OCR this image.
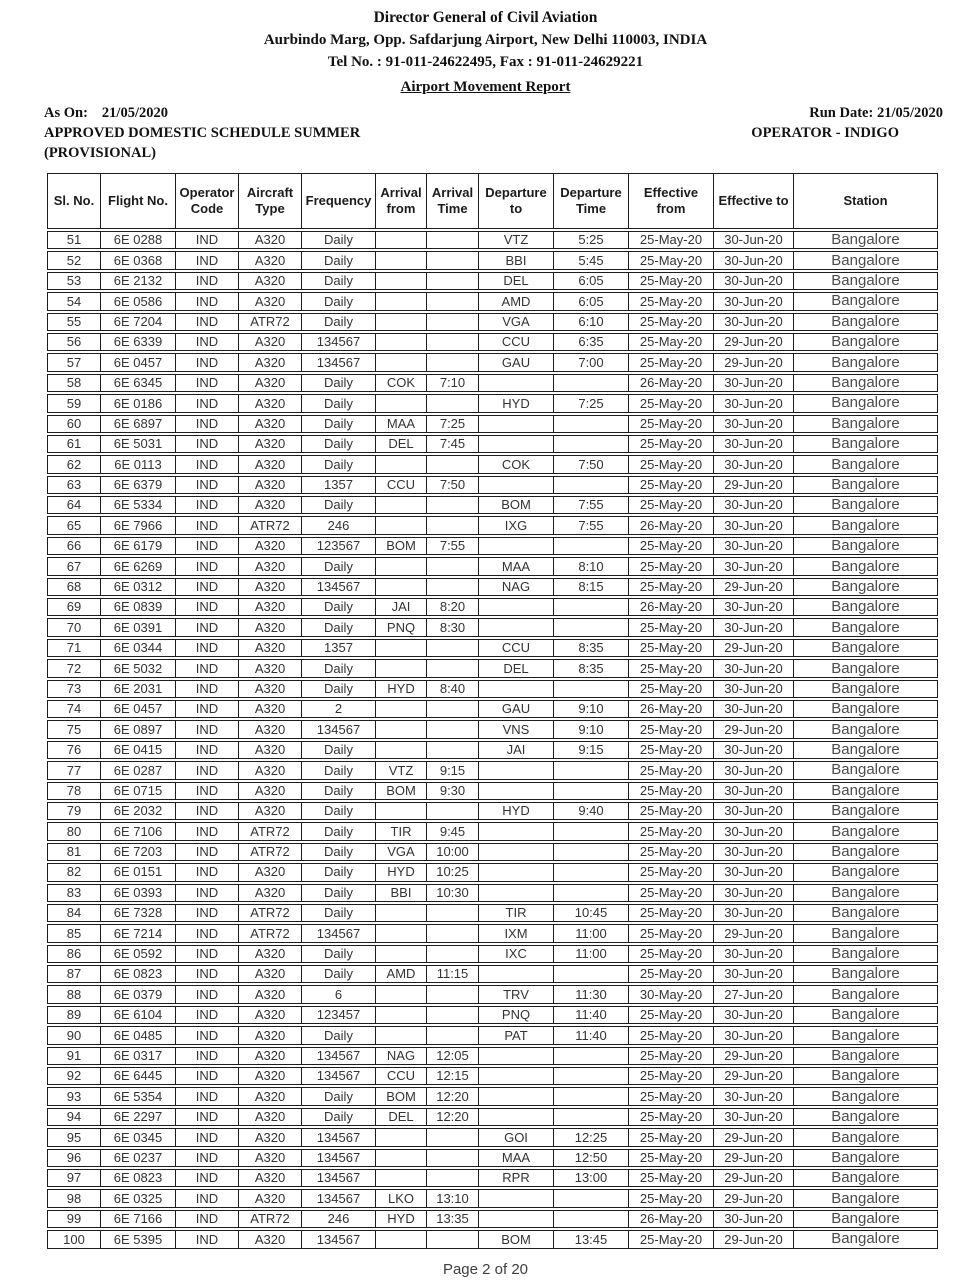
Director General of Civil Aviation
Aurbindo Marg, Opp. Safdarjung Airport, New Delhi 110003, INDIA
Tel No. : 91-011-24622495, Fax : 91-011-24629221
Airport Movement Report
As On: 21/05/2020	Run Date: 21/05/2020
APPROVED DOMESTIC SCHEDULE SUMMER	OPERATOR - INDIGO
(PROVISIONAL)
Sl. No.	Flight No.	Operator Code	Aircraft Type	Frequency	Arrival from	Arrival Time	Departure to	Departure Time	Effective from	Effective to	Station
51	6E 0288	IND	A320	Daily			VTZ	5:25	25-May-20	30-Jun-20	Bangalore
52	6E 0368	IND	A320	Daily			BBI	5:45	25-May-20	30-Jun-20	Bangalore
53	6E 2132	IND	A320	Daily			DEL	6:05	25-May-20	30-Jun-20	Bangalore
54	6E 0586	IND	A320	Daily			AMD	6:05	25-May-20	30-Jun-20	Bangalore
55	6E 7204	IND	ATR72	Daily			VGA	6:10	25-May-20	30-Jun-20	Bangalore
56	6E 6339	IND	A320	134567			CCU	6:35	25-May-20	29-Jun-20	Bangalore
57	6E 0457	IND	A320	134567			GAU	7:00	25-May-20	29-Jun-20	Bangalore
58	6E 6345	IND	A320	Daily	COK	7:10			26-May-20	30-Jun-20	Bangalore
59	6E 0186	IND	A320	Daily			HYD	7:25	25-May-20	30-Jun-20	Bangalore
60	6E 6897	IND	A320	Daily	MAA	7:25			25-May-20	30-Jun-20	Bangalore
61	6E 5031	IND	A320	Daily	DEL	7:45			25-May-20	30-Jun-20	Bangalore
62	6E 0113	IND	A320	Daily			COK	7:50	25-May-20	30-Jun-20	Bangalore
63	6E 6379	IND	A320	1357	CCU	7:50			25-May-20	29-Jun-20	Bangalore
64	6E 5334	IND	A320	Daily			BOM	7:55	25-May-20	30-Jun-20	Bangalore
65	6E 7966	IND	ATR72	246			IXG	7:55	26-May-20	30-Jun-20	Bangalore
66	6E 6179	IND	A320	123567	BOM	7:55			25-May-20	30-Jun-20	Bangalore
67	6E 6269	IND	A320	Daily			MAA	8:10	25-May-20	30-Jun-20	Bangalore
68	6E 0312	IND	A320	134567			NAG	8:15	25-May-20	29-Jun-20	Bangalore
69	6E 0839	IND	A320	Daily	JAI	8:20			26-May-20	30-Jun-20	Bangalore
70	6E 0391	IND	A320	Daily	PNQ	8:30			25-May-20	30-Jun-20	Bangalore
71	6E 0344	IND	A320	1357			CCU	8:35	25-May-20	29-Jun-20	Bangalore
72	6E 5032	IND	A320	Daily			DEL	8:35	25-May-20	30-Jun-20	Bangalore
73	6E 2031	IND	A320	Daily	HYD	8:40			25-May-20	30-Jun-20	Bangalore
74	6E 0457	IND	A320	2			GAU	9:10	26-May-20	30-Jun-20	Bangalore
75	6E 0897	IND	A320	134567			VNS	9:10	25-May-20	29-Jun-20	Bangalore
76	6E 0415	IND	A320	Daily			JAI	9:15	25-May-20	30-Jun-20	Bangalore
77	6E 0287	IND	A320	Daily	VTZ	9:15			25-May-20	30-Jun-20	Bangalore
78	6E 0715	IND	A320	Daily	BOM	9:30			25-May-20	30-Jun-20	Bangalore
79	6E 2032	IND	A320	Daily			HYD	9:40	25-May-20	30-Jun-20	Bangalore
80	6E 7106	IND	ATR72	Daily	TIR	9:45			25-May-20	30-Jun-20	Bangalore
81	6E 7203	IND	ATR72	Daily	VGA	10:00			25-May-20	30-Jun-20	Bangalore
82	6E 0151	IND	A320	Daily	HYD	10:25			25-May-20	30-Jun-20	Bangalore
83	6E 0393	IND	A320	Daily	BBI	10:30			25-May-20	30-Jun-20	Bangalore
84	6E 7328	IND	ATR72	Daily			TIR	10:45	25-May-20	30-Jun-20	Bangalore
85	6E 7214	IND	ATR72	134567			IXM	11:00	25-May-20	29-Jun-20	Bangalore
86	6E 0592	IND	A320	Daily			IXC	11:00	25-May-20	30-Jun-20	Bangalore
87	6E 0823	IND	A320	Daily	AMD	11:15			25-May-20	30-Jun-20	Bangalore
88	6E 0379	IND	A320	6			TRV	11:30	30-May-20	27-Jun-20	Bangalore
89	6E 6104	IND	A320	123457			PNQ	11:40	25-May-20	30-Jun-20	Bangalore
90	6E 0485	IND	A320	Daily			PAT	11:40	25-May-20	30-Jun-20	Bangalore
91	6E 0317	IND	A320	134567	NAG	12:05			25-May-20	29-Jun-20	Bangalore
92	6E 6445	IND	A320	134567	CCU	12:15			25-May-20	29-Jun-20	Bangalore
93	6E 5354	IND	A320	Daily	BOM	12:20			25-May-20	30-Jun-20	Bangalore
94	6E 2297	IND	A320	Daily	DEL	12:20			25-May-20	30-Jun-20	Bangalore
95	6E 0345	IND	A320	134567			GOI	12:25	25-May-20	29-Jun-20	Bangalore
96	6E 0237	IND	A320	134567			MAA	12:50	25-May-20	29-Jun-20	Bangalore
97	6E 0823	IND	A320	134567			RPR	13:00	25-May-20	29-Jun-20	Bangalore
98	6E 0325	IND	A320	134567	LKO	13:10			25-May-20	29-Jun-20	Bangalore
99	6E 7166	IND	ATR72	246	HYD	13:35			26-May-20	30-Jun-20	Bangalore
100	6E 5395	IND	A320	134567			BOM	13:45	25-May-20	29-Jun-20	Bangalore
Page 2 of 20
